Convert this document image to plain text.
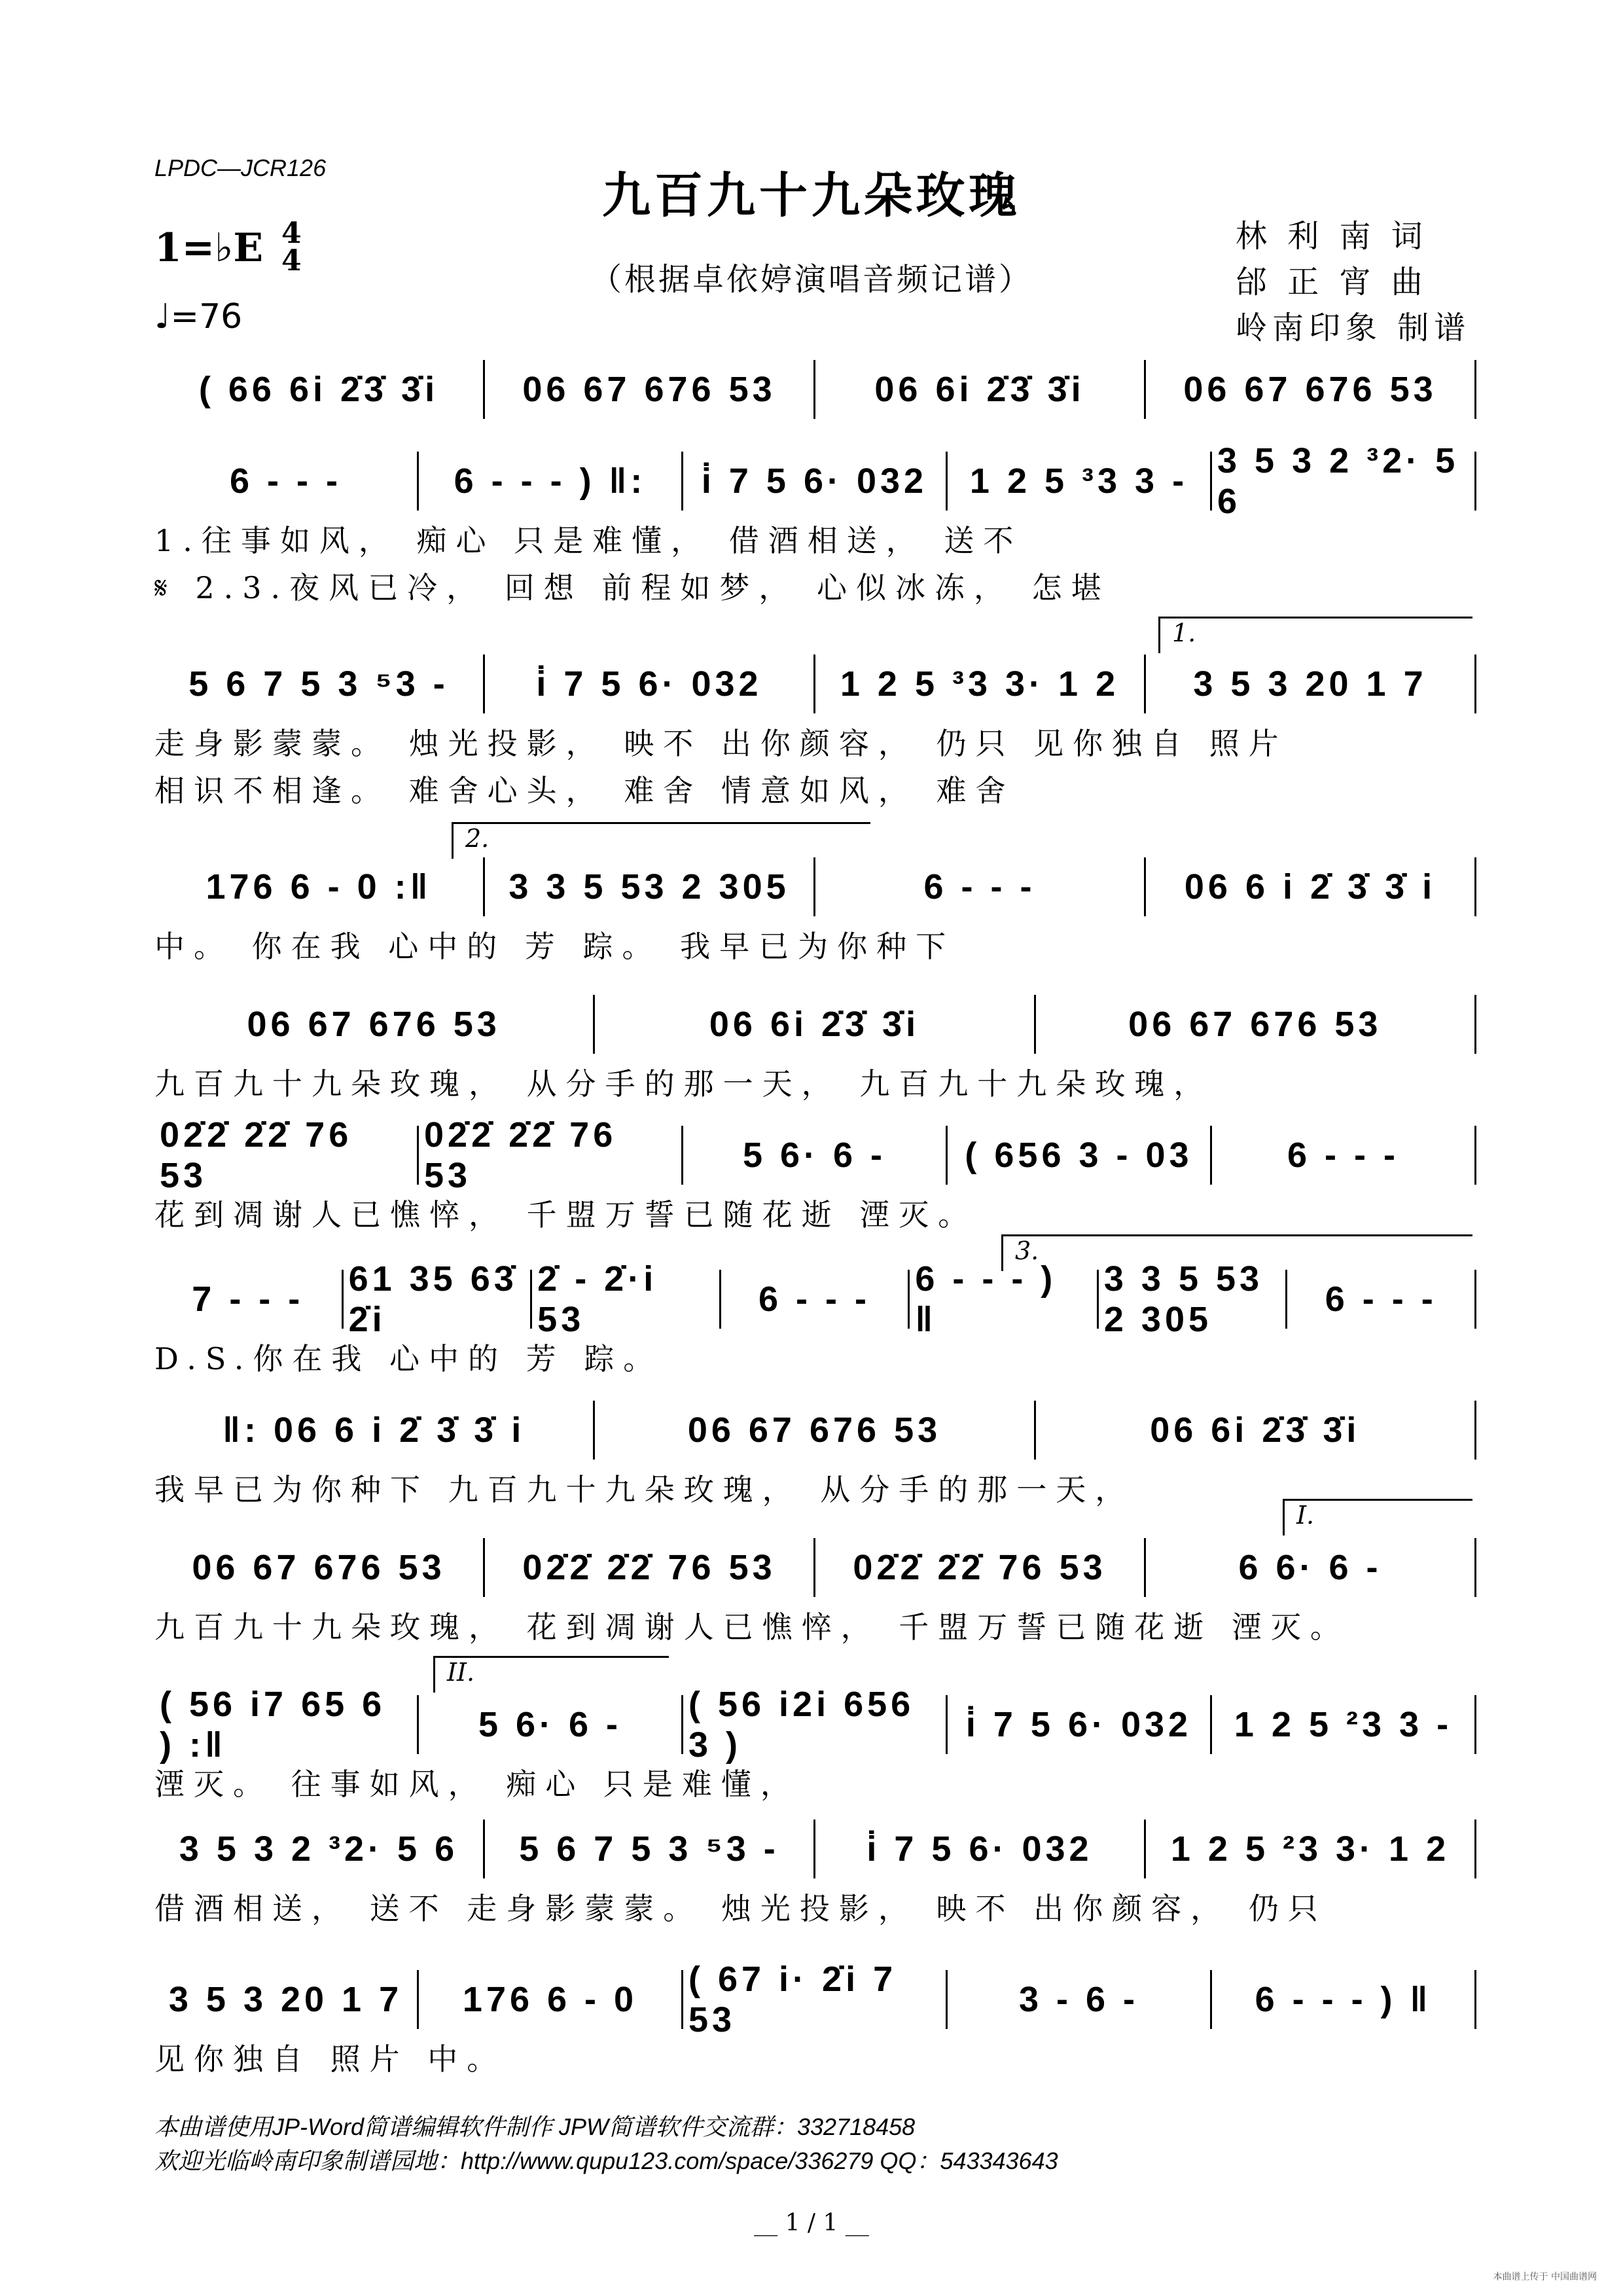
LPDC—JCR126	九百九十九朵玫瑰
（根据卓依婷演唱音频记谱）
林 利 南 词
邰 正 宵 曲
岭南印象 制谱
1=♭E 4
4
♩=76
( 66 6i 2̇3̇ 3̇i 06 67 676 53	06 6i 2̇3̇ 3̇i	06 67 676 53
6 - - -	6 - - - ) ‖: i̇ 7 5 6· 032 1 2 5 ³3 3 -
3 5 3 2 ³2· 5 6
1.往事如风， 痴心 只是难懂， 借酒相送， 送不
𝄋 2.3.夜风已冷， 回想 前程如梦， 心似冰冻， 怎堪
5 6 7 5 3 ⁵3 - i̇ 7 5 6· 032 1 2 5 ³3 3· 1 2 3 5 3 20 1 7
走身影蒙蒙。 烛光投影， 映不 出你颜容， 仍只 见你独自 照片
相识不相逢。 难舍心头， 难舍 情意如风， 难舍
176 6 - 0 :‖ 3 3 5 53 2 305	6 - - -	06 6 i 2̇ 3̇ 3̇ i
中。 你在我 心中的 芳 踪。 我早已为你种下
06 67 676 53	06 6i 2̇3̇ 3̇i	06 67 676 53
九百九十九朵玫瑰， 从分手的那一天， 九百九十九朵玫瑰，
02̇2̇ 2̇2̇ 76 53
02̇2̇ 2̇2̇ 76 53
5 6· 6 - ( 656 3 - 03	6 - - -
花到凋谢人已憔悴， 千盟万誓已随花逝 湮灭。
7 - - -
61 35 63̇ 2̇i
2̇ - 2̇·i 53
6 - - -
6 - - - ) ‖
3 3 5 53 2 305
6 - - -
D.S.你在我 心中的 芳 踪。
‖: 06 6 i 2̇ 3̇ 3̇ i	06 67 676 53	06 6i 2̇3̇ 3̇i
我早已为你种下 九百九十九朵玫瑰， 从分手的那一天，
06 67 676 53 02̇2̇ 2̇2̇ 76 53 02̇2̇ 2̇2̇ 76 53	6 6· 6 -
九百九十九朵玫瑰， 花到凋谢人已憔悴， 千盟万誓已随花逝 湮灭。
( 56 i7 65 6 ) :‖
5 6· 6 -
( 56 i2i 656 3 )
i̇ 7 5 6· 032 1 2 5 ²3 3 -
湮灭。 往事如风， 痴心 只是难懂，
3 5 3 2 ³2· 5 6 5 6 7 5 3 ⁵3 - i̇ 7 5 6· 032 1 2 5 ²3 3· 1 2
借酒相送， 送不 走身影蒙蒙。 烛光投影， 映不 出你颜容， 仍只
3 5 3 20 1 7 176 6 - 0
( 67 i· 2̇i 7 53
3 - 6 -	6 - - - ) ‖
见你独自 照片 中。
1.
2.
3.
I.
II.
本曲谱使用JP-Word简谱编辑软件制作 JPW简谱软件交流群：332718458
欢迎光临岭南印象制谱园地：http://www.qupu123.com/space/336279 QQ：543343643
__ 1 / 1 __
本曲谱上传于 中国曲谱网
